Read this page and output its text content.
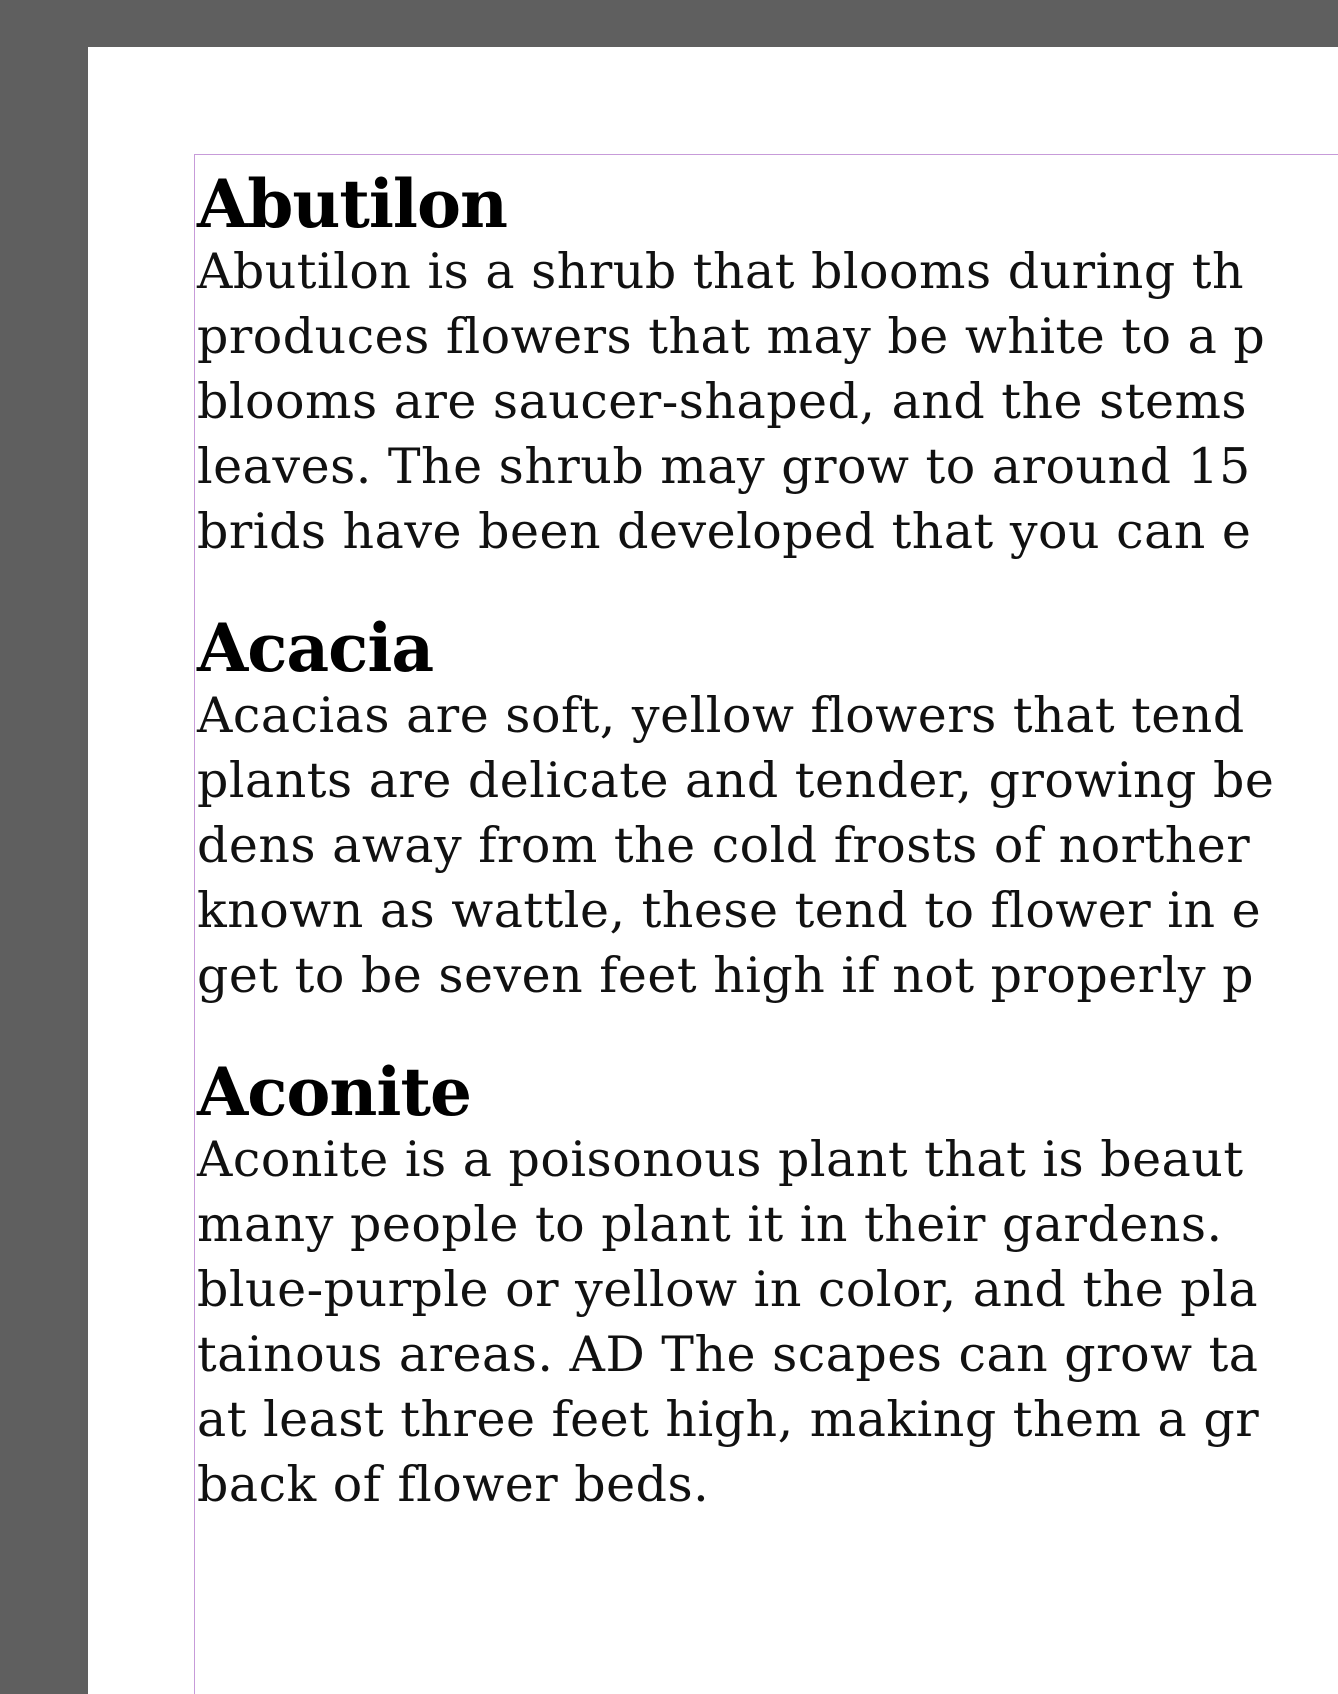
Abutilon
Abutilon is a shrub that blooms during th
produces flowers that may be white to a p
blooms are saucer-shaped, and the stems
leaves. The shrub may grow to around 15
brids have been developed that you can e
Acacia
Acacias are soft, yellow flowers that tend
plants are delicate and tender, growing be
dens away from the cold frosts of norther
known as wattle, these tend to flower in e
get to be seven feet high if not properly p
Aconite
Aconite is a poisonous plant that is beaut
many people to plant it in their gardens.
blue-purple or yellow in color, and the pla
tainous areas. AD The scapes can grow ta
at least three feet high, making them a gr
back of flower beds.
